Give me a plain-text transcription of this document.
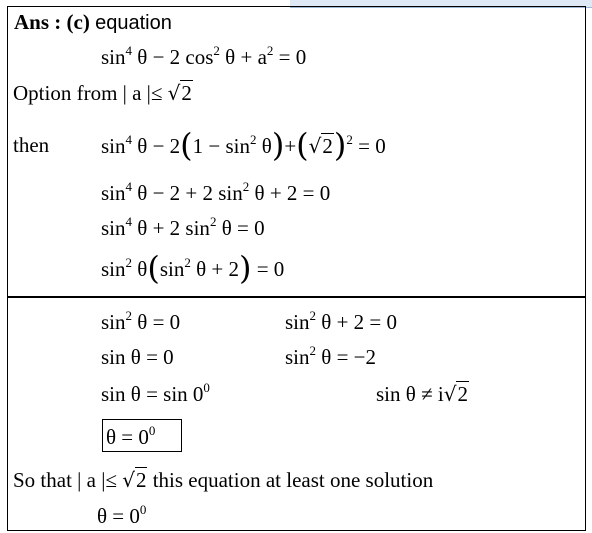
Ans : (c) equation
$\sin^4 \theta - 2$ $\cos^2 \theta + a^2 = 0$
Option from | a |≤ √2
then $\sin^4 \theta - 2(1 - \sin^2 \theta)+(√2)^2 = 0$
$\sin^4 \theta - 2 + 2$ $\sin^2 \theta + 2 = 0$
$\sin^4 \theta + 2$ $\sin^2 \theta = 0$
$\sin^2 \theta(\sin^2$ θ + 2) = 0
$\sin^2 \theta = 0$
sin θ = 0
$\sin \theta = \sin 0^0$
$\sin^2 \theta + 2 = 0$
$\sin^2 \theta = -2$
sin θ ≠ i√2
$\theta = 0^0$
So that | a |≤ √2 this equation at least one solution
$\theta = 0^0$
